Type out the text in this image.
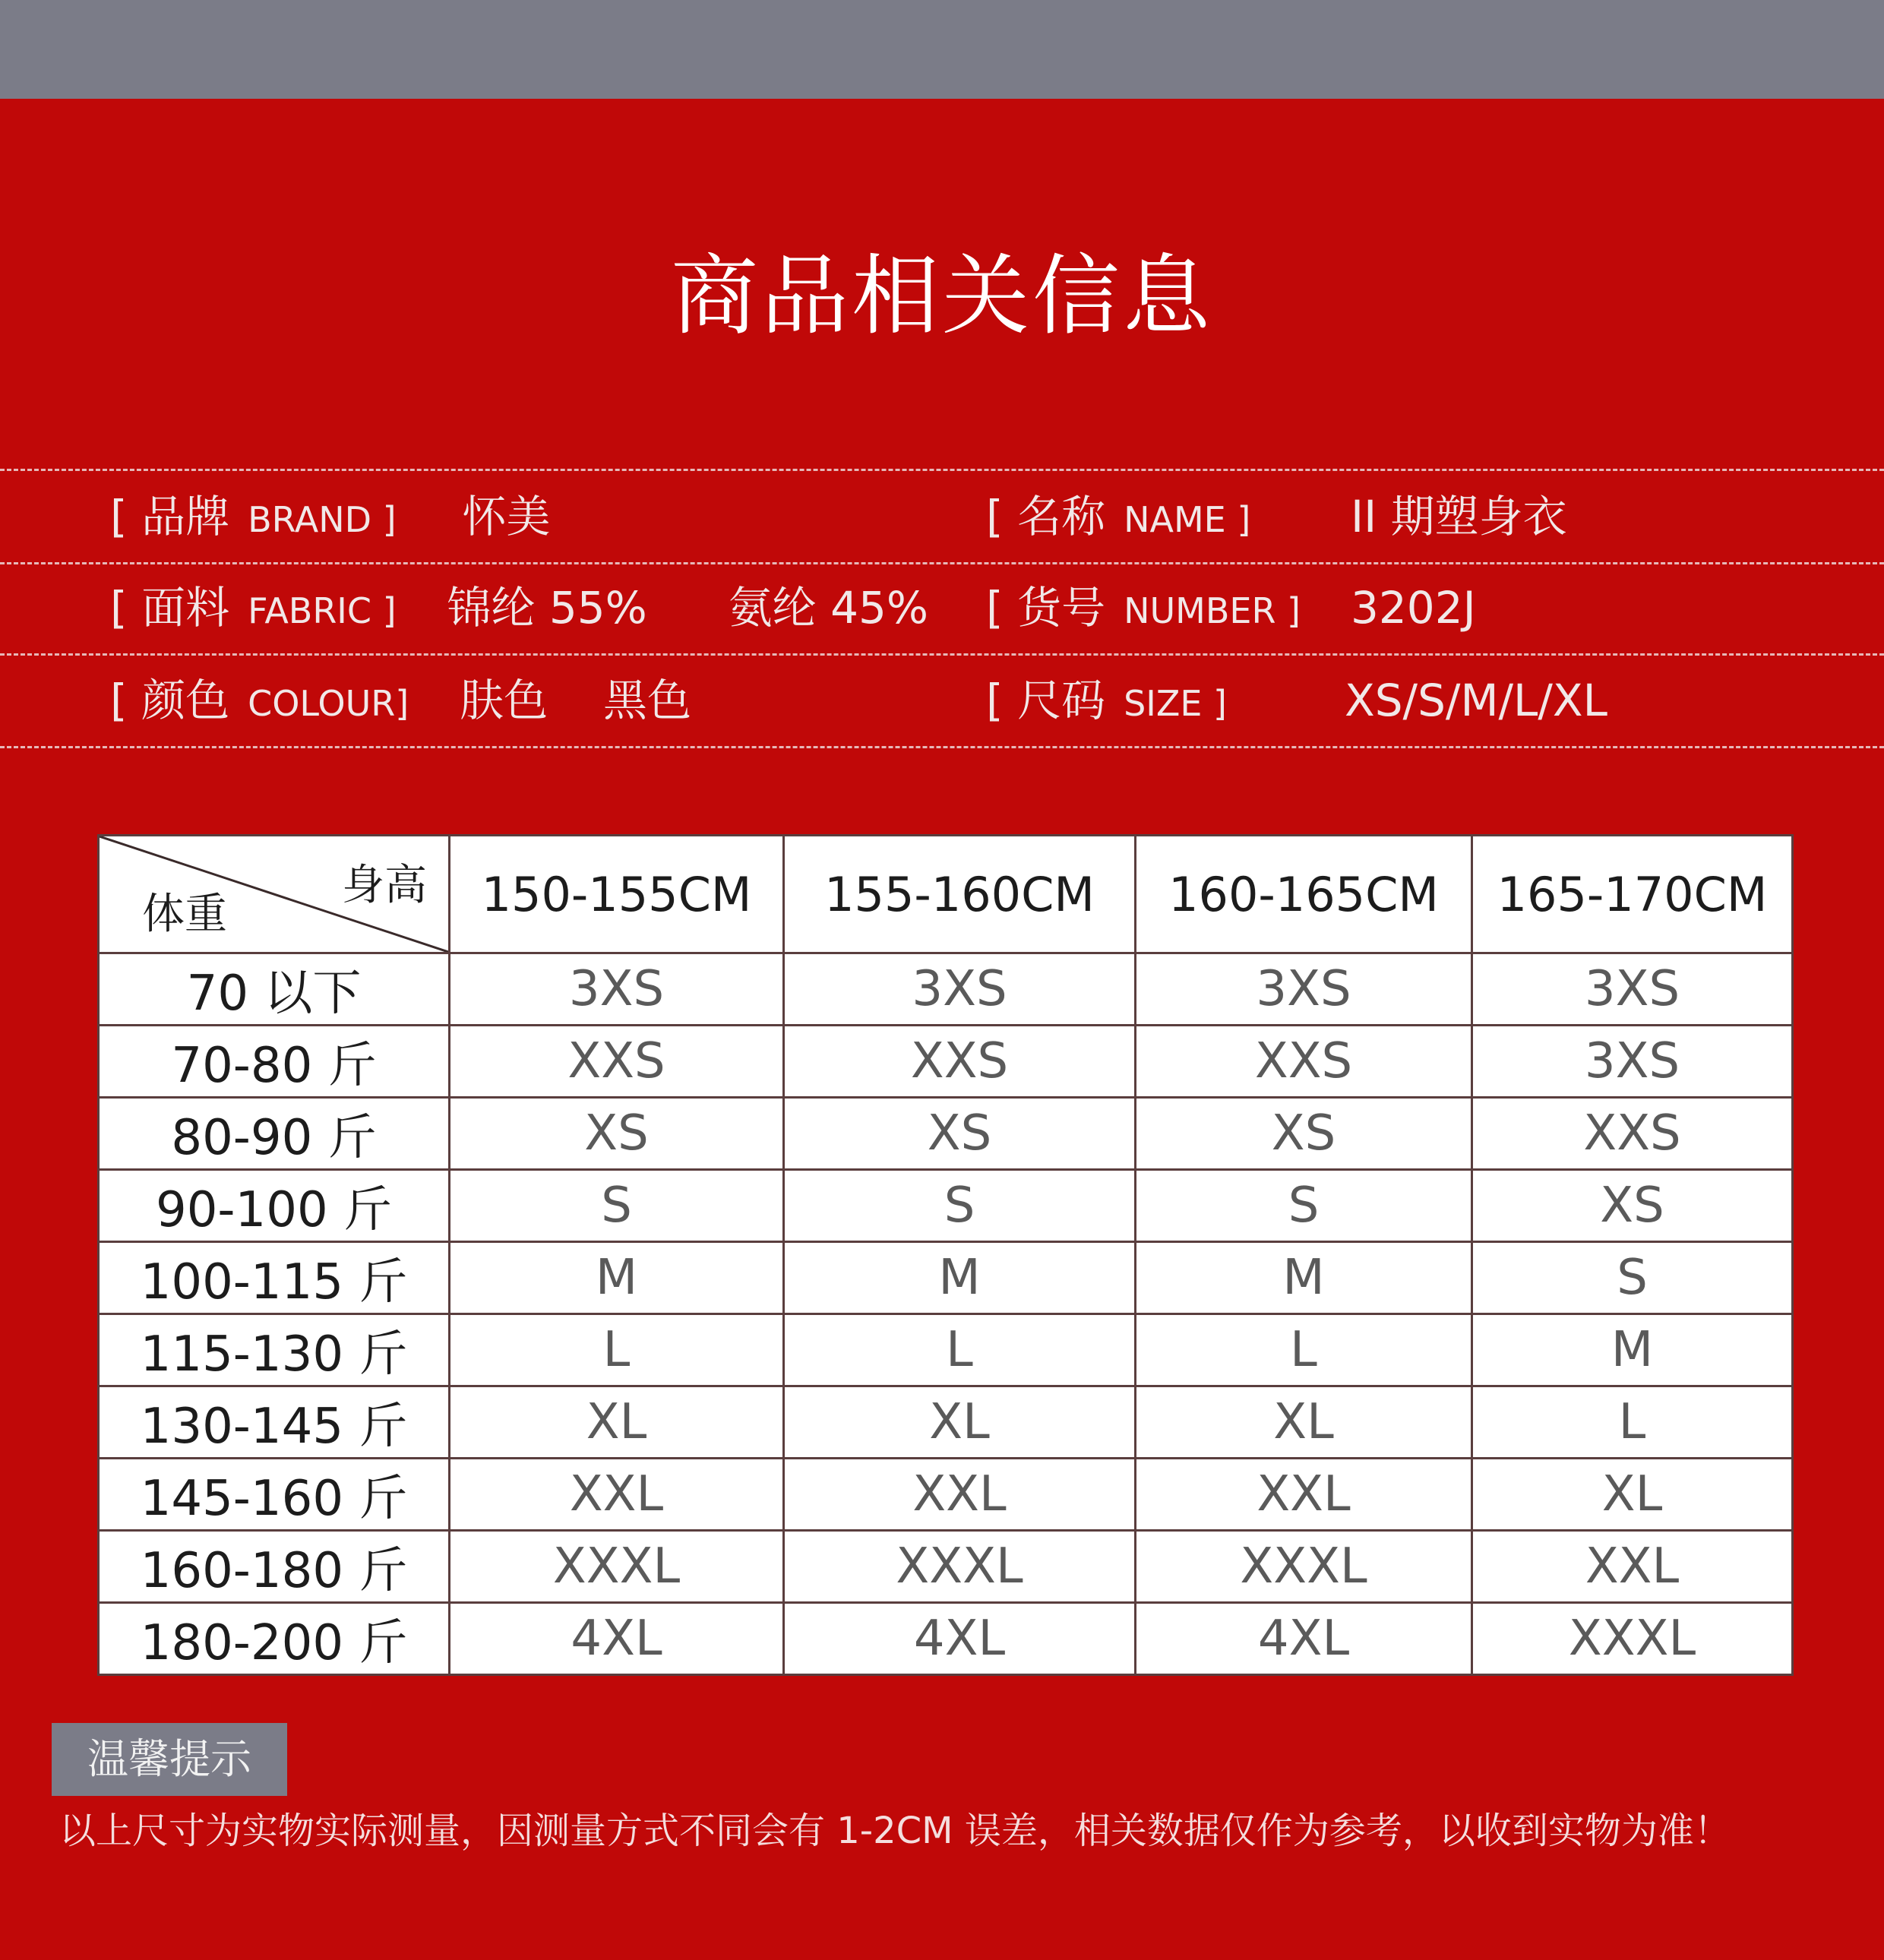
商品相关信息
[ 品牌 BRAND ] 怀美	[ 名称 NAME ] II 期塑身衣
[ 面料 FABRIC ] 锦纶 55% 氨纶 45% [ 货号 NUMBER ] 3202J
[ 颜色 COLOUR] 肤色 黑色	[ 尺码 SIZE ]	XS/S/M/L/XL
身高
体重	150-155CM	155-160CM	160-165CM	165-170CM
70 以下	3XS	3XS	3XS	3XS
70-80 斤	XXS	XXS	XXS	3XS
80-90 斤	XS	XS	XS	XXS
90-100 斤	S	S	S	XS
100-115 斤	M	M	M	S
115-130 斤	L	L	L	M
130-145 斤	XL	XL	XL	L
145-160 斤	XXL	XXL	XXL	XL
160-180 斤	XXXL	XXXL	XXXL	XXL
180-200 斤	4XL	4XL	4XL	XXXL
温馨提示
以上尺寸为实物实际测量，因测量方式不同会有 1-2CM 误差，相关数据仅作为参考，以收到实物为准！
